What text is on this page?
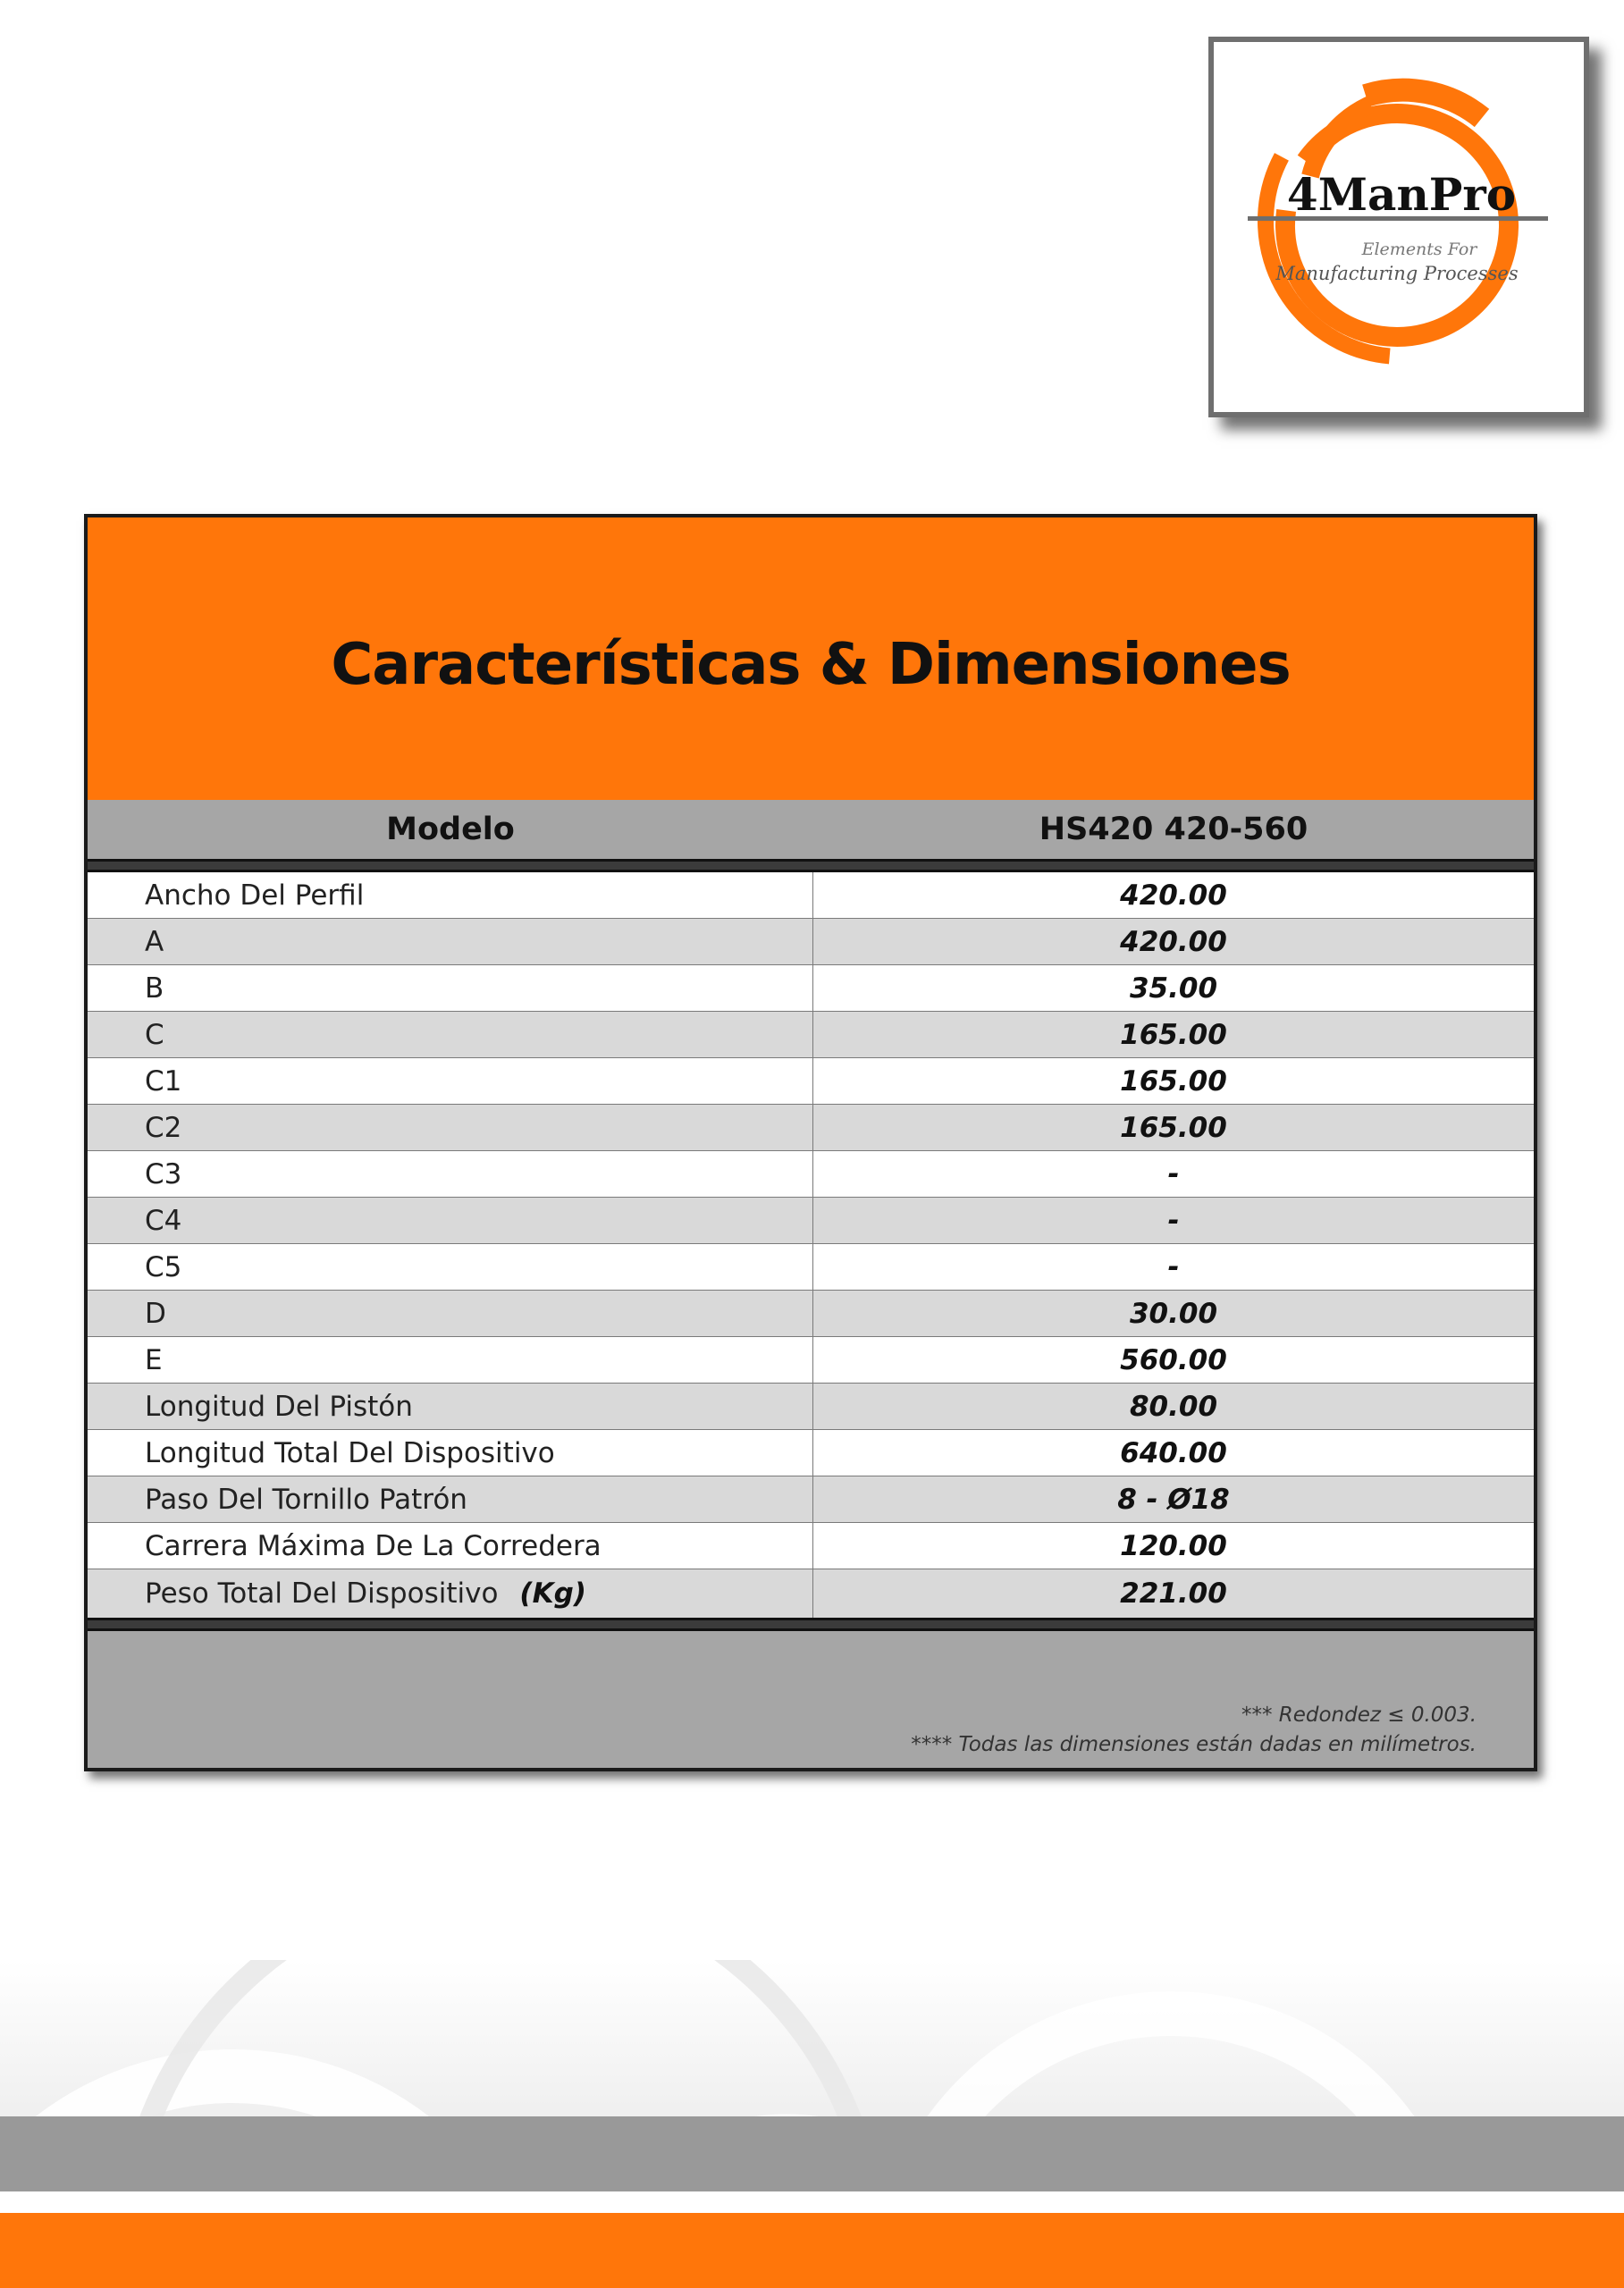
4ManPro
Elements For
Manufacturing Processes
Características & Dimensiones
Modelo	HS420 420-560
Ancho Del Perfil	420.00
A	420.00
B	35.00
C	165.00
C1	165.00
C2	165.00
C3	-
C4	-
C5	-
D	30.00
E	560.00
Longitud Del Pistón	80.00
Longitud Total Del Dispositivo	640.00
Paso Del Tornillo Patrón	8 - Ø18
Carrera Máxima De La Corredera	120.00
Peso Total Del Dispositivo (Kg)	221.00
*** Redondez ≤ 0.003.
**** Todas las dimensiones están dadas en milímetros.
